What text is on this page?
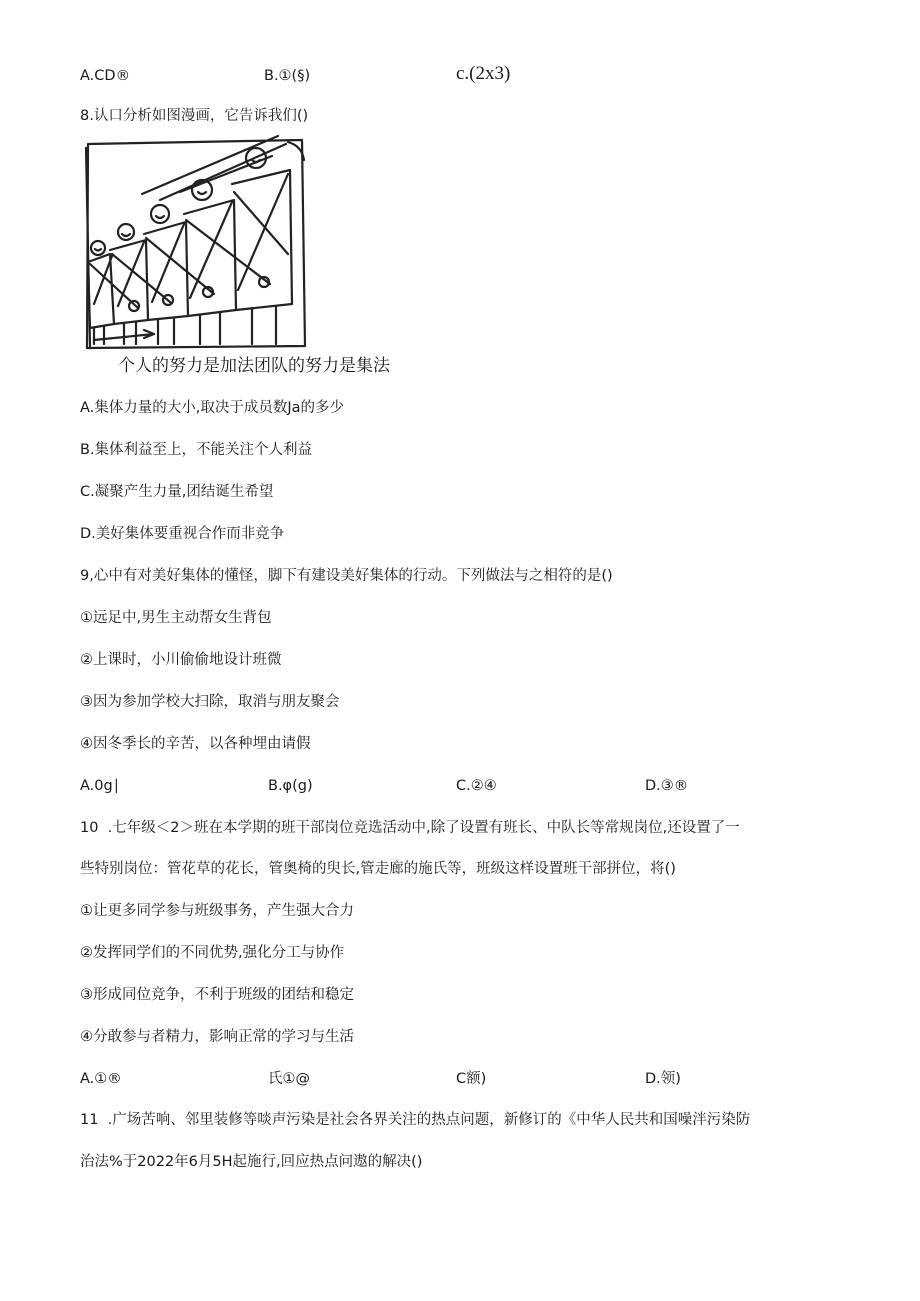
A.CD®	B.①(§)	c.(2x3)
8.认口分析如图漫画，它告诉我们()
个人的努力是加法团队的努力是集法
A.集体力量的大小,取决于成员数Ja的多少
B.集体利益至上，不能关注个人利益
C.凝聚产生力量,团结诞生希望
D.美好集体要重视合作而非竞争
9,心中有对美好集体的懂怪，脚下有建设美好集体的行动。下列做法与之相符的是()
①远足中,男生主动帮女生背包
②上课时，小川偷偷地设计班微
③因为参加学校大扫除，取消与朋友聚会
④因冬季长的辛苦，以各种埋由请假
A.0g∣	B.φ(g)	C.②④	D.③®
10  .七年级＜2＞班在本学期的班干部岗位竞选活动中,除了设置有班长、中队长等常规岗位,还设置了一
些特别岗位：管花草的花长，管奥椅的臾长,管走廊的施氏等，班级这样设置班干部拼位，将()
①让更多同学参与班级事务，产生强大合力
②发挥同学们的不同优势,强化分工与协作
③形成同位竞争，不利于班级的团结和稳定
④分敢参与者精力，影响正常的学习与生活
A.①®	氏①@	C额)	D.领)
11  .广场苦响、邻里装修等啖声污染是社会各界关注的热点问题，新修订的《中华人民共和国噪泮污染防
治法%于2022年6月5H起施行,回应热点问遨的解决()
